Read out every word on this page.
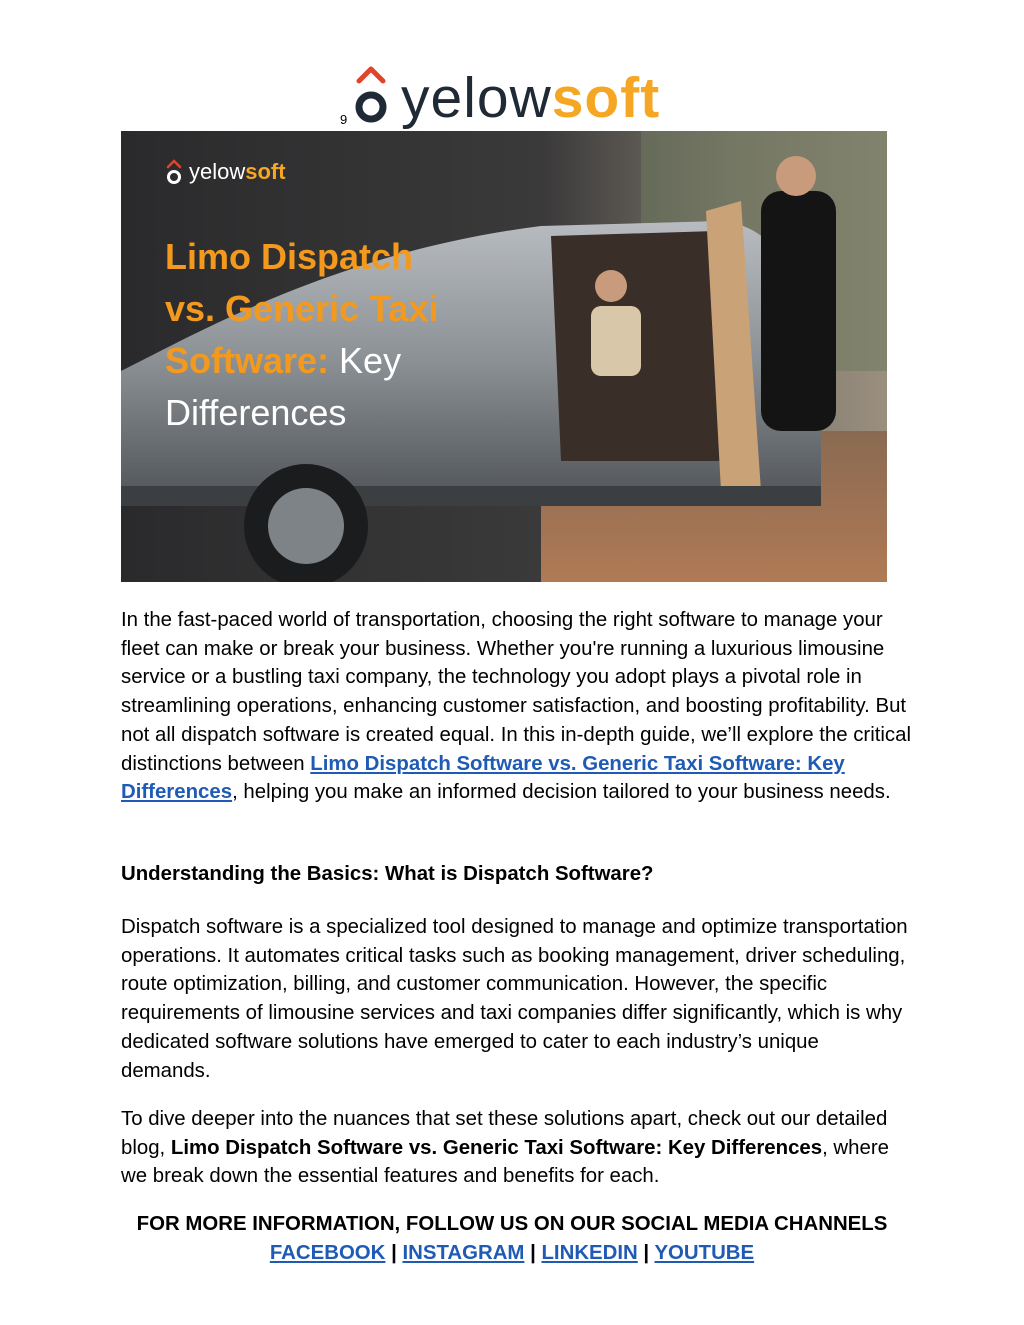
9 yelowsoft
yelowsoft
Limo Dispatch
vs. Generic Taxi
Software: Key
Differences

In the fast-paced world of transportation, choosing the right software to manage your fleet can make or break your business. Whether you're running a luxurious limousine service or a bustling taxi company, the technology you adopt plays a pivotal role in streamlining operations, enhancing customer satisfaction, and boosting profitability. But not all dispatch software is created equal. In this in-depth guide, we’ll explore the critical distinctions between Limo Dispatch Software vs. Generic Taxi Software: Key Differences, helping you make an informed decision tailored to your business needs.

Understanding the Basics: What is Dispatch Software?

Dispatch software is a specialized tool designed to manage and optimize transportation operations. It automates critical tasks such as booking management, driver scheduling, route optimization, billing, and customer communication. However, the specific requirements of limousine services and taxi companies differ significantly, which is why dedicated software solutions have emerged to cater to each industry’s unique demands.

To dive deeper into the nuances that set these solutions apart, check out our detailed blog, Limo Dispatch Software vs. Generic Taxi Software: Key Differences, where we break down the essential features and benefits for each.

FOR MORE INFORMATION, FOLLOW US ON OUR SOCIAL MEDIA CHANNELS
FACEBOOK | INSTAGRAM | LINKEDIN | YOUTUBE
